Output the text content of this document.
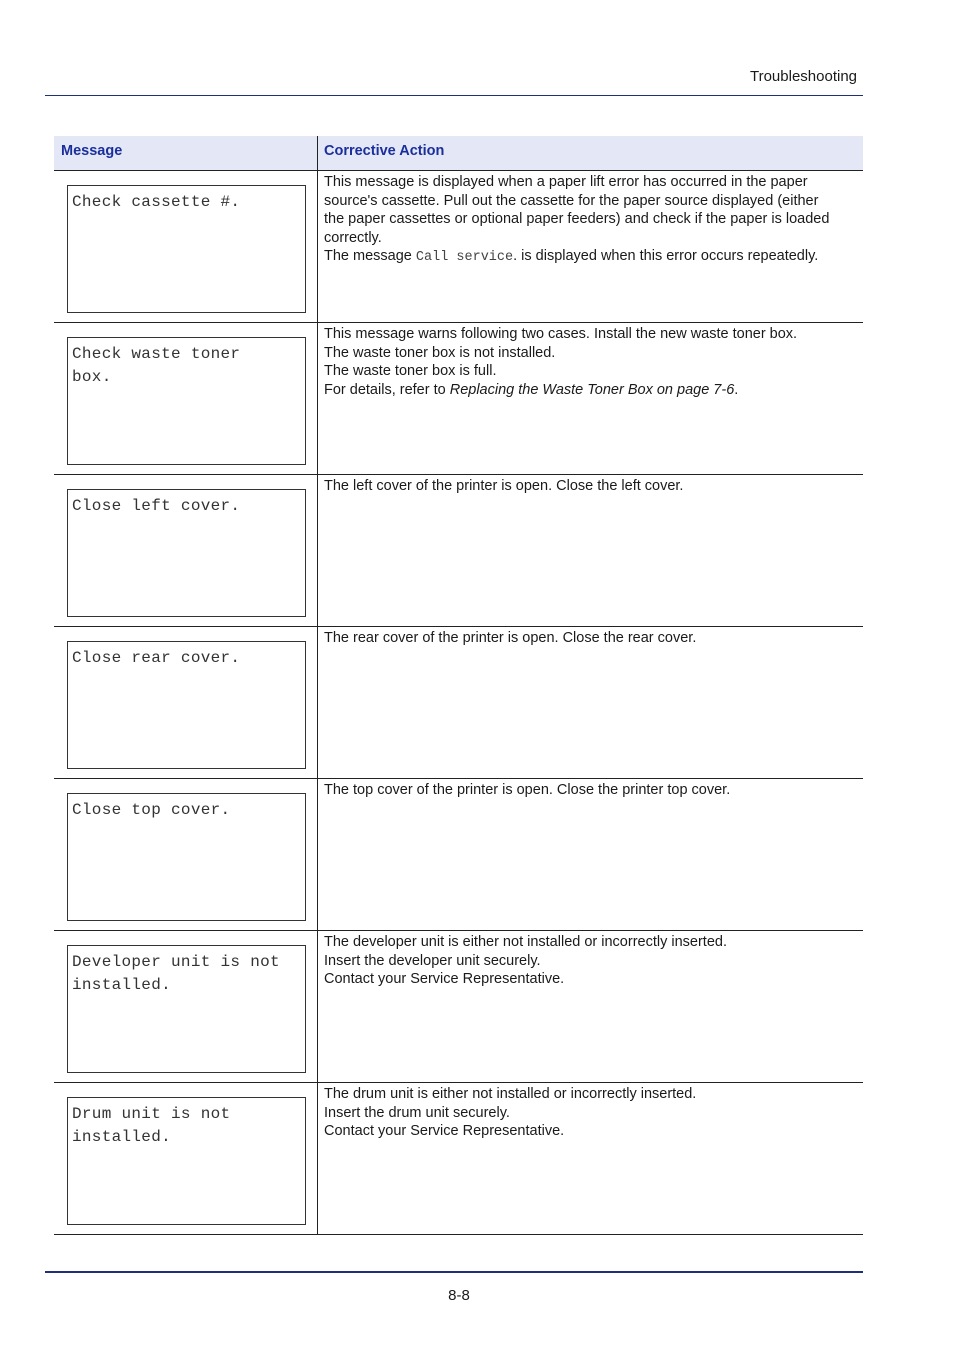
Troubleshooting
Message	Corrective Action
Check cassette #.
This message is displayed when a paper lift error has occurred in the paper
source's cassette. Pull out the cassette for the paper source displayed (either
the paper cassettes or optional paper feeders) and check if the paper is loaded
correctly.
The message Call service. is displayed when this error occurs repeatedly.
Check waste toner
box.
This message warns following two cases. Install the new waste toner box.
The waste toner box is not installed.
The waste toner box is full.
For details, refer to Replacing the Waste Toner Box on page 7-6.
Close left cover.
The left cover of the printer is open. Close the left cover.
Close rear cover.
The rear cover of the printer is open. Close the rear cover.
Close top cover.
The top cover of the printer is open. Close the printer top cover.
Developer unit is not
installed.
The developer unit is either not installed or incorrectly inserted.
Insert the developer unit securely.
Contact your Service Representative.
Drum unit is not
installed.
The drum unit is either not installed or incorrectly inserted.
Insert the drum unit securely.
Contact your Service Representative.
8-8
